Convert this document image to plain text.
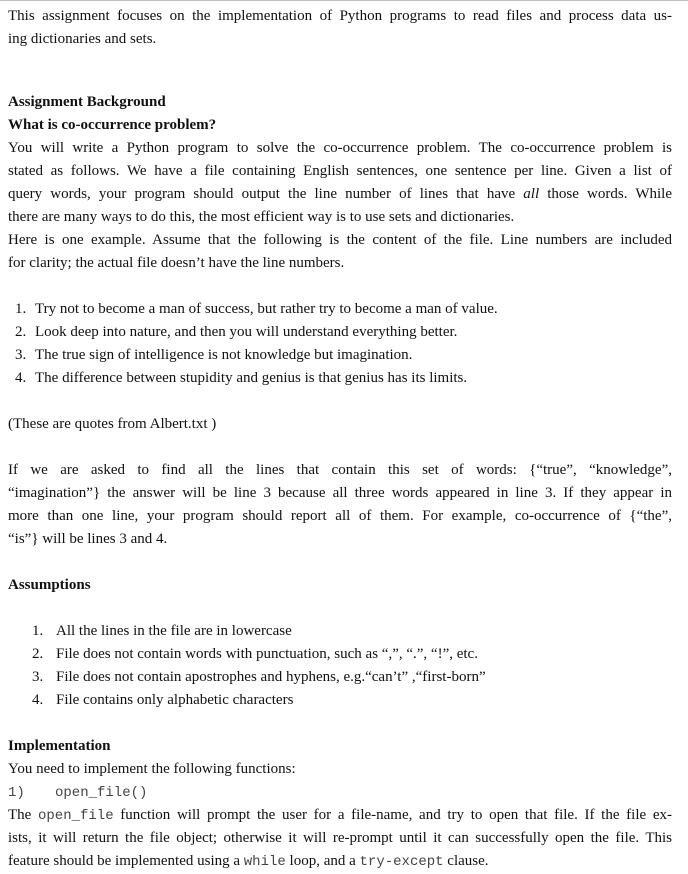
This assignment focuses on the implementation of Python programs to read files and process data us-
ing dictionaries and sets.
Assignment Background
What is co-occurrence problem?
You will write a Python program to solve the co-occurrence problem. The co-occurrence problem is
stated as follows. We have a file containing English sentences, one sentence per line. Given a list of
query words, your program should output the line number of lines that have all those words. While
there are many ways to do this, the most efficient way is to use sets and dictionaries.
Here is one example. Assume that the following is the content of the file. Line numbers are included
for clarity; the actual file doesn’t have the line numbers.
1. Try not to become a man of success, but rather try to become a man of value.
2. Look deep into nature, and then you will understand everything better.
3. The true sign of intelligence is not knowledge but imagination.
4. The difference between stupidity and genius is that genius has its limits.
(These are quotes from Albert.txt )
If we are asked to find all the lines that contain this set of words: {“true”, “knowledge”,
“imagination”} the answer will be line 3 because all three words appeared in line 3. If they appear in
more than one line, your program should report all of them. For example, co-occurrence of {“the”,
“is”} will be lines 3 and 4.
Assumptions
1. All the lines in the file are in lowercase
2. File does not contain words with punctuation, such as “,”, “.”, “!”, etc.
3. File does not contain apostrophes and hyphens, e.g.“can’t” ,“first-born”
4. File contains only alphabetic characters
Implementation
You need to implement the following functions:
1) open_file()
The open_file function will prompt the user for a file-name, and try to open that file. If the file ex-
ists, it will return the file object; otherwise it will re-prompt until it can successfully open the file. This
feature should be implemented using a while loop, and a try-except clause.
